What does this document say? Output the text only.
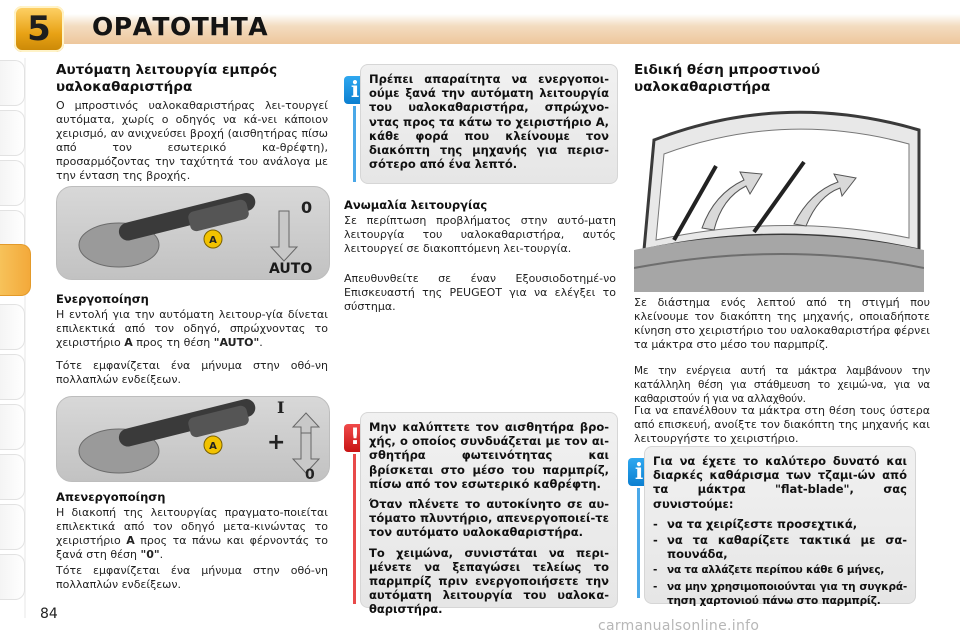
5	ΟΡΑΤΟΤΗΤΑ
Αυτόματη λειτουργία εμπρός υαλοκαθαριστήρα
Ο μπροστινός υαλοκαθαριστήρας λει-τουργεί αυτόματα, χωρίς ο οδηγός να κά-νει κάποιον χειρισμό, αν ανιχνεύσει βροχή (αισθητήρας πίσω από τον εσωτερικό κα-θρέφτη), προσαρμόζοντας την ταχύτητά του ανάλογα με την ένταση της βροχής.
A
0
AUTO
Ενεργοποίηση
Η εντολή για την αυτόματη λειτουρ-γία δίνεται επιλεκτικά από τον οδηγό, σπρώχνοντας το χειριστήριο A προς τη θέση "AUTO".
Τότε εμφανίζεται ένα μήνυμα στην οθό-νη πολλαπλών ενδείξεων.
A
I
+
0
Απενεργοποίηση
Η διακοπή της λειτουργίας πραγματο-ποιείται επιλεκτικά από τον οδηγό μετα-κινώντας το χειριστήριο A προς τα πάνω και φέρνοντάς το ξανά στη θέση "0".
Τότε εμφανίζεται ένα μήνυμα στην οθό-νη πολλαπλών ενδείξεων.
i Πρέπει απαραίτητα να ενεργοποι-ούμε ξανά την αυτόματη λειτουργία του υαλοκαθαριστήρα, σπρώχνο-ντας προς τα κάτω το χειριστήριο Α, κάθε φορά που κλείνουμε τον διακόπτη της μηχανής για περισ-σότερο από ένα λεπτό.
Ανωμαλία λειτουργίας
Σε περίπτωση προβλήματος στην αυτό-ματη λειτουργία του υαλοκαθαριστήρα, αυτός λειτουργεί σε διακοπτόμενη λει-τουργία.
Απευθυνθείτε σε έναν Εξουσιοδοτημέ-νο Επισκευαστή της PEUGEOT για να ελέγξει το σύστημα.
! Μην καλύπτετε τον αισθητήρα βρο-χής, ο οποίος συνδυάζεται με τον αι-σθητήρα φωτεινότητας και βρίσκεται στο μέσο του παρμπρίζ, πίσω από τον εσωτερικό καθρέφτη.

Όταν πλένετε το αυτοκίνητο σε αυ-τόματο πλυντήριο, απενεργοποιεί-τε τον αυτόματο υαλοκαθαριστήρα.

Το χειμώνα, συνιστάται να περι-μένετε να ξεπαγώσει τελείως το παρμπρίζ πριν ενεργοποιήσετε την αυτόματη λειτουργία του υαλοκα-θαριστήρα.

Ειδική θέση μπροστινού υαλοκαθαριστήρα
Σε διάστημα ενός λεπτού από τη στιγμή που κλείνουμε τον διακόπτη της μηχανής, οποιαδήποτε κίνηση στο χειριστήριο του υαλοκαθαριστήρα φέρνει τα μάκτρα στο μέσο του παρμπρίζ.
Με την ενέργεια αυτή τα μάκτρα λαμβάνουν την κατάλληλη θέση για στάθμευση το χειμώ-να, για να καθαριστούν ή για να αλλαχθούν.
Για να επανέλθουν τα μάκτρα στη θέση τους ύστερα από επισκευή, ανοίξτε τον διακόπτη της μηχανής και λειτουργήστε το χειριστήριο.
i Για να έχετε το καλύτερο δυνατό και διαρκές καθάρισμα των τζαμι-ών από τα μάκτρα "flat-blade", σας συνιστούμε:

- να τα χειρίζεστε προσεχτικά,
- να τα καθαρίζετε τακτικά με σα-πουνάδα,
- να τα αλλάζετε περίπου κάθε 6 μήνες,
- να μην χρησιμοποιούνται για τη συγκρά-τηση χαρτονιού πάνω στο παρμπρίζ.
84
carmanualsonline.info
